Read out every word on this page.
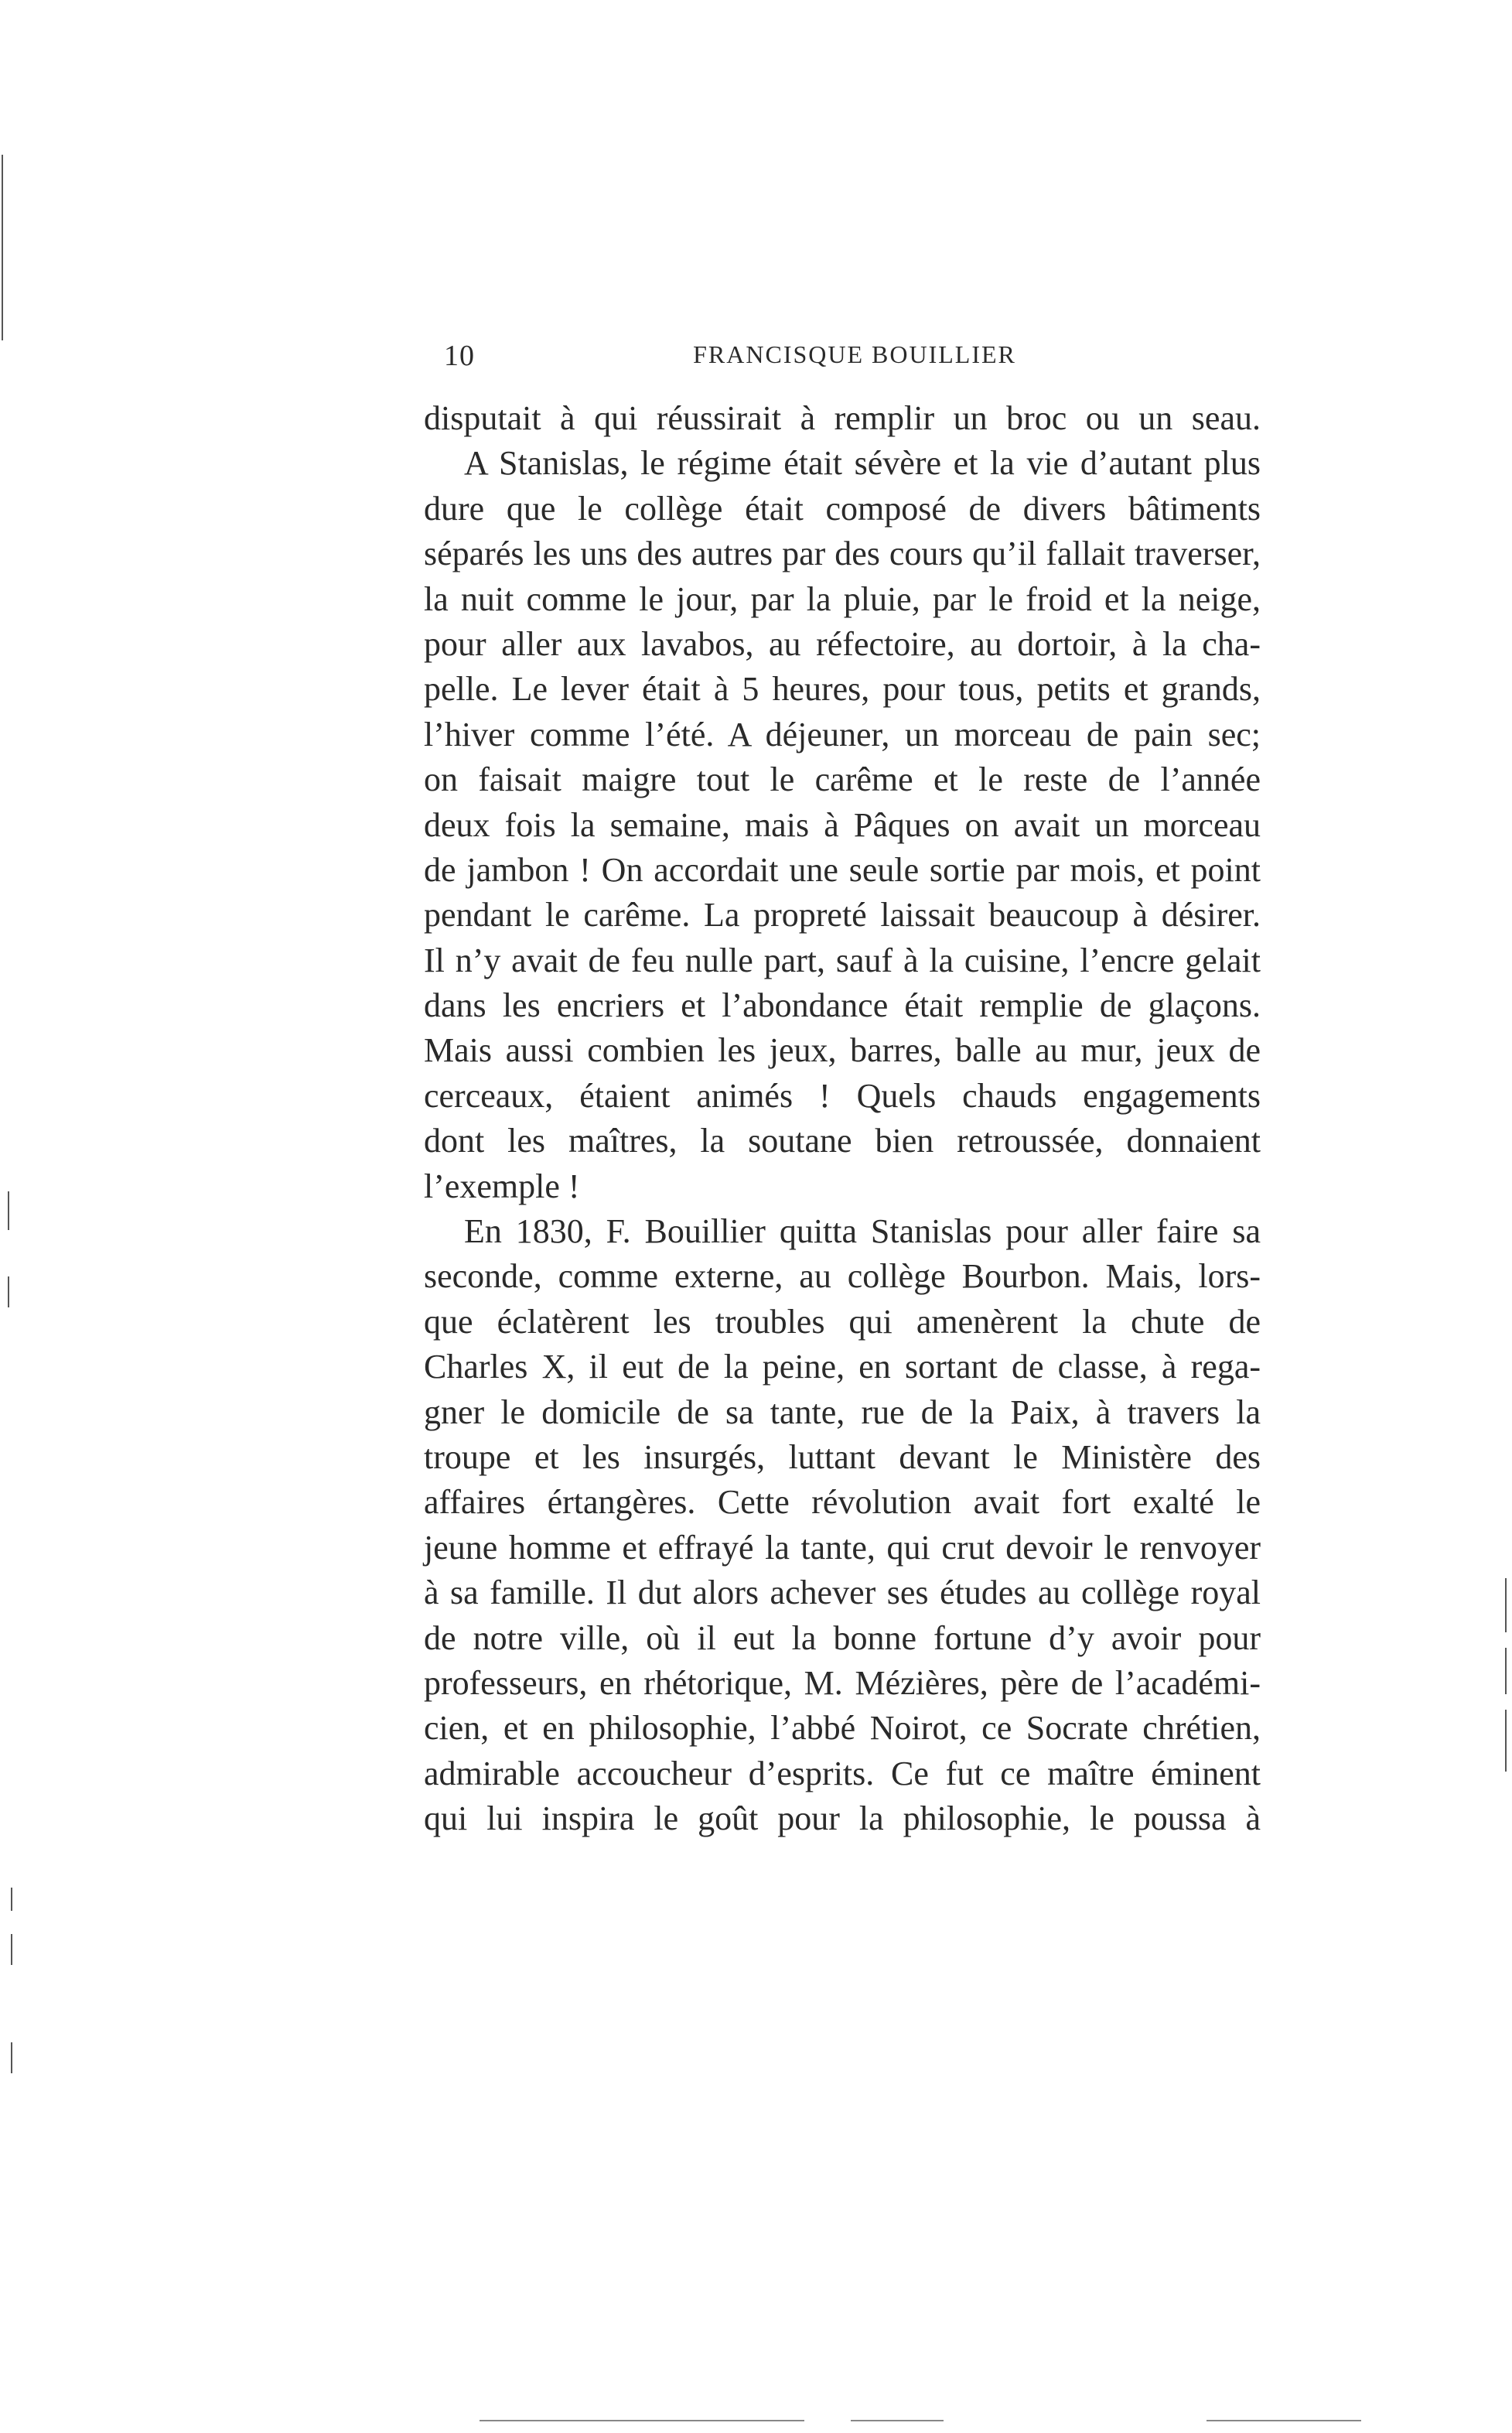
10	FRANCISQUE BOUILLIER
disputait à qui réussirait à remplir un broc ou un seau.
A Stanislas, le régime était sévère et la vie d’autant plus
dure que le collège était composé de divers bâtiments
séparés les uns des autres par des cours qu’il fallait traverser,
la nuit comme le jour, par la pluie, par le froid et la neige,
pour aller aux lavabos, au réfectoire, au dortoir, à la cha-
pelle. Le lever était à 5 heures, pour tous, petits et grands,
l’hiver comme l’été. A déjeuner, un morceau de pain sec;
on faisait maigre tout le carême et le reste de l’année
deux fois la semaine, mais à Pâques on avait un morceau
de jambon ! On accordait une seule sortie par mois, et point
pendant le carême. La propreté laissait beaucoup à désirer.
Il n’y avait de feu nulle part, sauf à la cuisine, l’encre gelait
dans les encriers et l’abondance était remplie de glaçons.
Mais aussi combien les jeux, barres, balle au mur, jeux de
cerceaux, étaient animés ! Quels chauds engagements
dont les maîtres, la soutane bien retroussée, donnaient
l’exemple !
En 1830, F. Bouillier quitta Stanislas pour aller faire sa
seconde, comme externe, au collège Bourbon. Mais, lors-
que éclatèrent les troubles qui amenèrent la chute de
Charles X, il eut de la peine, en sortant de classe, à rega-
gner le domicile de sa tante, rue de la Paix, à travers la
troupe et les insurgés, luttant devant le Ministère des
affaires értangères. Cette révolution avait fort exalté le
jeune homme et effrayé la tante, qui crut devoir le renvoyer
à sa famille. Il dut alors achever ses études au collège royal
de notre ville, où il eut la bonne fortune d’y avoir pour
professeurs, en rhétorique, M. Mézières, père de l’académi-
cien, et en philosophie, l’abbé Noirot, ce Socrate chrétien,
admirable accoucheur d’esprits. Ce fut ce maître éminent
qui lui inspira le goût pour la philosophie, le poussa à
